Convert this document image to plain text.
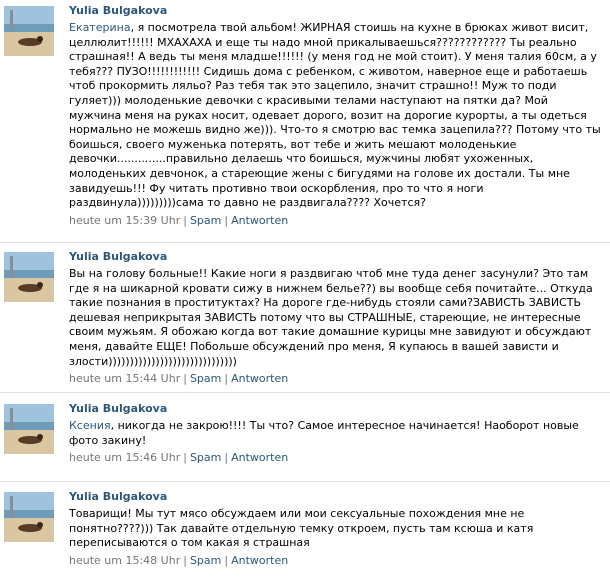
Yulia Bulgakova
Екатерина, я посмотрела твой альбом! ЖИРНАЯ стоишь на кухне в брюках живот висит, целлюлит!!!!!! МХАХАХА и еще ты надо мной прикалываешься???????????? Ты реально страшная!! А ведь ты меня младше!!!!!! (у меня год не мой стоит). У меня талия 60см, а у тебя??? ПУЗО!!!!!!!!!!!! Сидишь дома с ребенком, с животом, наверное еще и работаешь чтоб прокормить ляльо? Раз тебя так это зацепило, значит страшно!! Муж то поди гуляет))) молоденькие девочки с красивыми телами наступают на пятки да? Мой мужчина меня на руках носит, одевает дорого, возит на дорогие курорты, а ты одеться нормально не можешь видно же))). Что-то я смотрю вас темка зацепила??? Потому что ты боишься, своего муженька потерять, вот тебе и жить мешают молоденькие девочки..............правильно делаешь что боишься, мужчины любят ухоженных, молоденьких девчонок, а стареющие жены с бигудями на голове их достали. Ты мне завидуешь!!! Фу читать противно твои оскорбления, про то что я ноги раздвинула)))))))))сама то давно не раздвигала???? Хочется?
heute um 15:39 Uhr | Spam | Antworten
Yulia Bulgakova
Вы на голову больные!! Какие ноги я раздвигаю чтоб мне туда денег засунули? Это там где я на шикарной кровати сижу в нижнем белье??) вы вообще себя почитайте... Откуда такие познания в проституктах? На дороге где-нибудь стояли сами?ЗАВИСТЬ ЗАВИСТЬ дешевая неприкрытая ЗАВИСТЬ потому что вы СТРАШНЫЕ, стареющие, не интересные своим мужьям. Я обожаю когда вот такие домашние курицы мне завидуют и обсуждают меня, давайте ЕЩЕ! Побольше обсуждений про меня, Я купаюсь в вашей зависти и злости))))))))))))))))))))))))))))))
heute um 15:44 Uhr | Spam | Antworten
Yulia Bulgakova
Ксения, никогда не закрою!!!! Ты что? Самое интересное начинается! Наоборот новые фото закину!
heute um 15:46 Uhr | Spam | Antworten
Yulia Bulgakova
Товарищи! Мы тут мясо обсуждаем или мои сексуальные похождения мне не понятно????))) Так давайте отдельную темку откроем, пусть там ксюша и катя переписываются о том какая я страшная
heute um 15:48 Uhr | Spam | Antworten
